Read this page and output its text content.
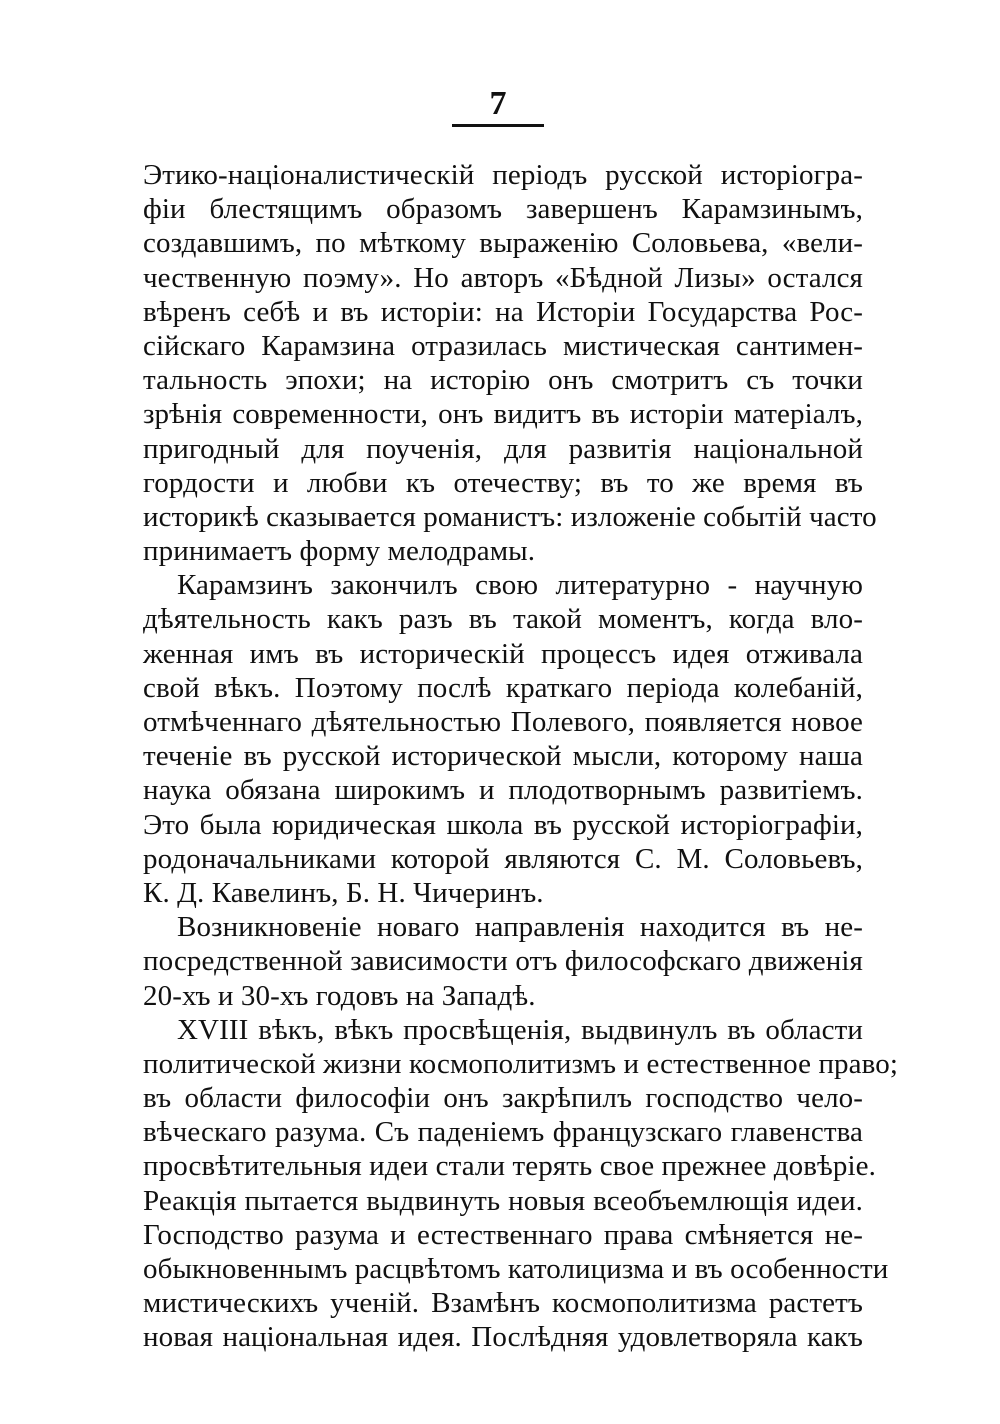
7
Этико-націоналистическій періодъ русской исторіогра-
фіи блестящимъ образомъ завершенъ Карамзинымъ,
создавшимъ, по мѣткому выраженію Соловьева, «вели-
чественную поэму». Но авторъ «Бѣдной Лизы» остался
вѣренъ себѣ и въ исторіи: на Исторіи Государства Рос-
сійскаго Карамзина отразилась мистическая сантимен-
тальность эпохи; на исторію онъ смотритъ съ точки
зрѣнія современности, онъ видитъ въ исторіи матеріалъ,
пригодный для поученія, для развитія національной
гордости и любви къ отечеству; въ то же время въ
историкѣ сказывается романистъ: изложеніе событій часто
принимаетъ форму мелодрамы.
Карамзинъ закончилъ свою литературно - научную
дѣятельность какъ разъ въ такой моментъ, когда вло-
женная имъ въ историческій процессъ идея отживала
свой вѣкъ. Поэтому послѣ краткаго періода колебаній,
отмѣченнаго дѣятельностью Полевого, появляется новое
теченіе въ русской исторической мысли, которому наша
наука обязана широкимъ и плодотворнымъ развитіемъ.
Это была юридическая школа въ русской исторіографіи,
родоначальниками которой являются С. М. Соловьевъ,
К. Д. Кавелинъ, Б. Н. Чичеринъ.
Возникновеніе новаго направленія находится въ не-
посредственной зависимости отъ философскаго движенія
20-хъ и 30-хъ годовъ на Западѣ.
XVIII вѣкъ, вѣкъ просвѣщенія, выдвинулъ въ области
политической жизни космополитизмъ и естественное право;
въ области философіи онъ закрѣпилъ господство чело-
вѣческаго разума. Съ паденіемъ французскаго главенства
просвѣтительныя идеи стали терять свое прежнее довѣріе.
Реакція пытается выдвинуть новыя всеобъемлющія идеи.
Господство разума и естественнаго права смѣняется не-
обыкновеннымъ расцвѣтомъ католицизма и въ особенности
мистическихъ ученій. Взамѣнъ космополитизма растетъ
новая національная идея. Послѣдняя удовлетворяла какъ
